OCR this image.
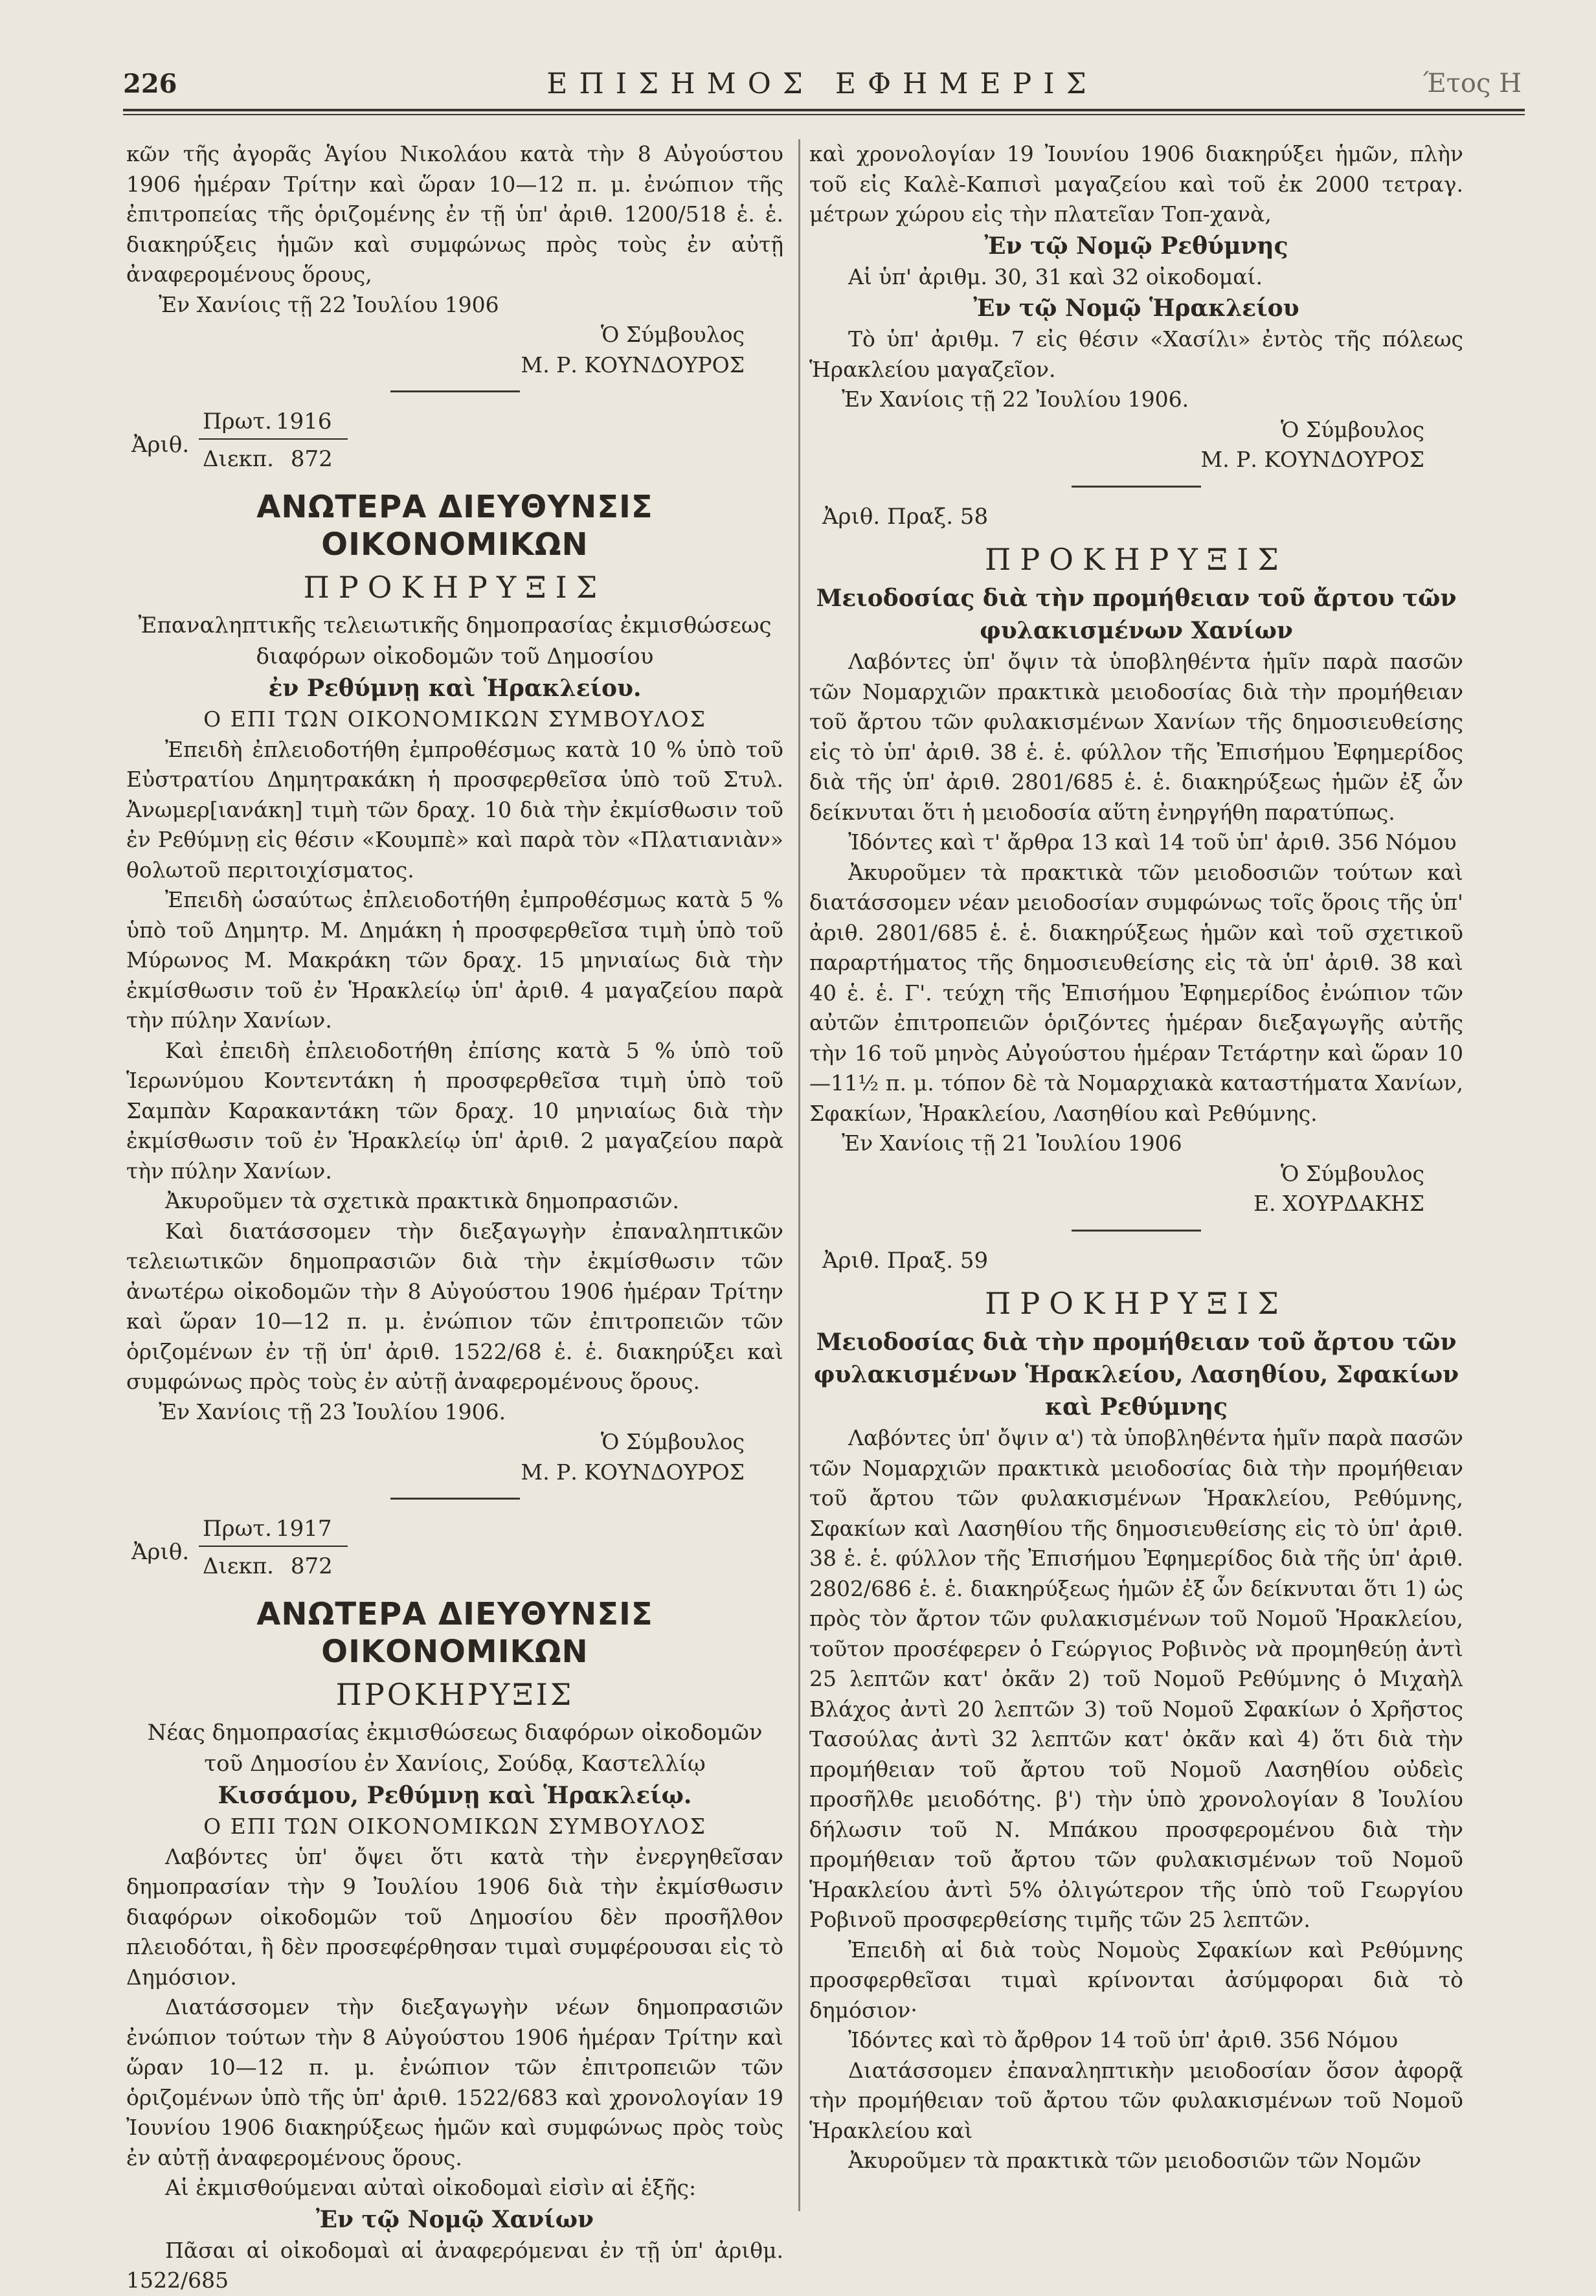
226	ΕΠΙΣΗΜΟΣ ΕΦΗΜΕΡΙΣ	Έτος Η

κῶν τῆς ἀγορᾶς Ἁγίου Νικολάου κατὰ τὴν 8 Αὐγούστου 1906 ἡμέραν Τρίτην καὶ ὥραν 10—12 π. μ. ἐνώπιον τῆς ἐπιτροπείας τῆς ὁριζομένης ἐν τῇ ὑπ' ἀριθ. 1200/518 ἑ. ἑ. διακηρύξεις ἡμῶν καὶ συμφώνως πρὸς τοὺς ἐν αὐτῇ ἀναφερομένους ὅρους,

Ἐν Χανίοις τῇ 22 Ἰουλίου 1906

Ὁ Σύμβουλος

Μ. Ρ. ΚΟΥΝΔΟΥΡΟΣ

Ἀριθ.
Πρωτ. 1916
Διεκπ. 872

ΑΝΩΤΕΡΑ ΔΙΕΥΘΥΝΣΙΣ ΟΙΚΟΝΟΜΙΚΩΝ

ΠΡΟΚΗΡΥΞΙΣ

Ἐπαναληπτικῆς τελειωτικῆς δημοπρασίας ἐκμισθώσεως διαφόρων οἰκοδομῶν τοῦ Δημοσίου

ἐν Ρεθύμνῃ καὶ Ἡρακλείου.

Ο ΕΠΙ ΤΩΝ ΟΙΚΟΝΟΜΙΚΩΝ ΣΥΜΒΟΥΛΟΣ

Ἐπειδὴ ἐπλειοδοτήθη ἐμπροθέσμως κατὰ 10 % ὑπὸ τοῦ Εὐστρατίου Δημητρακάκη ἡ προσφερθεῖσα ὑπὸ τοῦ Στυλ. Ἀνωμερ[ιανάκη] τιμὴ τῶν δραχ. 10 διὰ τὴν ἐκμίσθωσιν τοῦ ἐν Ρεθύμνῃ εἰς θέσιν «Κουμπὲ» καὶ παρὰ τὸν «Πλατιανιὰν» θολωτοῦ περιτοιχίσματος.

Ἐπειδὴ ὡσαύτως ἐπλειοδοτήθη ἐμπροθέσμως κατὰ 5 % ὑπὸ τοῦ Δημητρ. Μ. Δημάκη ἡ προσφερθεῖσα τιμὴ ὑπὸ τοῦ Μύρωνος Μ. Μακράκη τῶν δραχ. 15 μηνιαίως διὰ τὴν ἐκμίσθωσιν τοῦ ἐν Ἡρακλείῳ ὑπ' ἀριθ. 4 μαγαζείου παρὰ τὴν πύλην Χανίων.

Καὶ ἐπειδὴ ἐπλειοδοτήθη ἐπίσης κατὰ 5 % ὑπὸ τοῦ Ἱερωνύμου Κοντεντάκη ἡ προσφερθεῖσα τιμὴ ὑπὸ τοῦ Σαμπὰν Καρακαντάκη τῶν δραχ. 10 μηνιαίως διὰ τὴν ἐκμίσθωσιν τοῦ ἐν Ἡρακλείῳ ὑπ' ἀριθ. 2 μαγαζείου παρὰ τὴν πύλην Χανίων.

Ἀκυροῦμεν τὰ σχετικὰ πρακτικὰ δημοπρασιῶν.

Καὶ διατάσσομεν τὴν διεξαγωγὴν ἐπαναληπτικῶν τελειωτικῶν δημοπρασιῶν διὰ τὴν ἐκμίσθωσιν τῶν ἀνωτέρω οἰκοδομῶν τὴν 8 Αὐγούστου 1906 ἡμέραν Τρίτην καὶ ὥραν 10—12 π. μ. ἐνώπιον τῶν ἐπιτροπειῶν τῶν ὁριζομένων ἐν τῇ ὑπ' ἀριθ. 1522/68 ἑ. ἑ. διακηρύξει καὶ συμφώνως πρὸς τοὺς ἐν αὐτῇ ἀναφερομένους ὅρους.

Ἐν Χανίοις τῇ 23 Ἰουλίου 1906.

Ὁ Σύμβουλος

Μ. Ρ. ΚΟΥΝΔΟΥΡΟΣ

Ἀριθ.
Πρωτ. 1917
Διεκπ. 872

ΑΝΩΤΕΡΑ ΔΙΕΥΘΥΝΣΙΣ ΟΙΚΟΝΟΜΙΚΩΝ

ΠΡΟΚΗΡΥΞΙΣ

Νέας δημοπρασίας ἐκμισθώσεως διαφόρων οἰκοδομῶν τοῦ Δημοσίου ἐν Χανίοις, Σούδᾳ, Καστελλίῳ

Κισσάμου, Ρεθύμνῃ καὶ Ἡρακλείῳ.

Ο ΕΠΙ ΤΩΝ ΟΙΚΟΝΟΜΙΚΩΝ ΣΥΜΒΟΥΛΟΣ

Λαβόντες ὑπ' ὄψει ὅτι κατὰ τὴν ἐνεργηθεῖσαν δημοπρασίαν τὴν 9 Ἰουλίου 1906 διὰ τὴν ἐκμίσθωσιν διαφόρων οἰκοδομῶν τοῦ Δημοσίου δὲν προσῆλθον πλειοδόται, ἢ δὲν προσεφέρθησαν τιμαὶ συμφέρουσαι εἰς τὸ Δημόσιον.

Διατάσσομεν τὴν διεξαγωγὴν νέων δημοπρασιῶν ἐνώπιον τούτων τὴν 8 Αὐγούστου 1906 ἡμέραν Τρίτην καὶ ὥραν 10—12 π. μ. ἐνώπιον τῶν ἐπιτροπειῶν τῶν ὁριζομένων ὑπὸ τῆς ὑπ' ἀριθ. 1522/683 καὶ χρονολογίαν 19 Ἰουνίου 1906 διακηρύξεως ἡμῶν καὶ συμφώνως πρὸς τοὺς ἐν αὐτῇ ἀναφερομένους ὅρους.

Αἱ ἐκμισθούμεναι αὐταὶ οἰκοδομαὶ εἰσὶν αἱ ἑξῆς:

Ἐν τῷ Νομῷ Χανίων

Πᾶσαι αἱ οἰκοδομαὶ αἱ ἀναφερόμεναι ἐν τῇ ὑπ' ἀριθμ. 1522/685

καὶ χρονολογίαν 19 Ἰουνίου 1906 διακηρύξει ἡμῶν, πλὴν τοῦ εἰς Καλὲ-Καπισὶ μαγαζείου καὶ τοῦ ἐκ 2000 τετραγ. μέτρων χώρου εἰς τὴν πλατεῖαν Τοπ-χανὰ,

Ἐν τῷ Νομῷ Ρεθύμνης

Αἱ ὑπ' ἀριθμ. 30, 31 καὶ 32 οἰκοδομαί.

Ἐν τῷ Νομῷ Ἡρακλείου

Τὸ ὑπ' ἀριθμ. 7 εἰς θέσιν «Χασίλι» ἐντὸς τῆς πόλεως Ἡρακλείου μαγαζεῖον.

Ἐν Χανίοις τῇ 22 Ἰουλίου 1906.

Ὁ Σύμβουλος

Μ. Ρ. ΚΟΥΝΔΟΥΡΟΣ

Ἀριθ. Πραξ. 58

ΠΡΟΚΗΡΥΞΙΣ

Μειοδοσίας διὰ τὴν προμήθειαν τοῦ ἄρτου τῶν φυλακισμένων Χανίων

Λαβόντες ὑπ' ὄψιν τὰ ὑποβληθέντα ἡμῖν παρὰ πασῶν τῶν Νομαρχιῶν πρακτικὰ μειοδοσίας διὰ τὴν προμήθειαν τοῦ ἄρτου τῶν φυλακισμένων Χανίων τῆς δημοσιευθείσης εἰς τὸ ὑπ' ἀριθ. 38 ἑ. ἑ. φύλλον τῆς Ἐπισήμου Ἐφημερίδος διὰ τῆς ὑπ' ἀριθ. 2801/685 ἑ. ἑ. διακηρύξεως ἡμῶν ἐξ ὧν δείκνυται ὅτι ἡ μειοδοσία αὕτη ἐνηργήθη παρατύπως.

Ἰδόντες καὶ τ' ἄρθρα 13 καὶ 14 τοῦ ὑπ' ἀριθ. 356 Νόμου

Ἀκυροῦμεν τὰ πρακτικὰ τῶν μειοδοσιῶν τούτων καὶ διατάσσομεν νέαν μειοδοσίαν συμφώνως τοῖς ὅροις τῆς ὑπ' ἀριθ. 2801/685 ἑ. ἑ. διακηρύξεως ἡμῶν καὶ τοῦ σχετικοῦ παραρτήματος τῆς δημοσιευθείσης εἰς τὰ ὑπ' ἀριθ. 38 καὶ 40 ἑ. ἑ. Γ'. τεύχη τῆς Ἐπισήμου Ἐφημερίδος ἐνώπιον τῶν αὐτῶν ἐπιτροπειῶν ὁριζόντες ἡμέραν διεξαγωγῆς αὐτῆς τὴν 16 τοῦ μηνὸς Αὐγούστου ἡμέραν Τετάρτην καὶ ὥραν 10—11½ π. μ. τόπον δὲ τὰ Νομαρχιακὰ καταστήματα Χανίων, Σφακίων, Ἡρακλείου, Λασηθίου καὶ Ρεθύμνης.

Ἐν Χανίοις τῇ 21 Ἰουλίου 1906

Ὁ Σύμβουλος

Ε. ΧΟΥΡΔΑΚΗΣ

Ἀριθ. Πραξ. 59

ΠΡΟΚΗΡΥΞΙΣ

Μειοδοσίας διὰ τὴν προμήθειαν τοῦ ἄρτου τῶν φυλακισμένων Ἡρακλείου, Λασηθίου, Σφακίων καὶ Ρεθύμνης

Λαβόντες ὑπ' ὄψιν α') τὰ ὑποβληθέντα ἡμῖν παρὰ πασῶν τῶν Νομαρχιῶν πρακτικὰ μειοδοσίας διὰ τὴν προμήθειαν τοῦ ἄρτου τῶν φυλακισμένων Ἡρακλείου, Ρεθύμνης, Σφακίων καὶ Λασηθίου τῆς δημοσιευθείσης εἰς τὸ ὑπ' ἀριθ. 38 ἑ. ἑ. φύλλον τῆς Ἐπισήμου Ἐφημερίδος διὰ τῆς ὑπ' ἀριθ. 2802/686 ἑ. ἑ. διακηρύξεως ἡμῶν ἐξ ὧν δείκνυται ὅτι 1) ὡς πρὸς τὸν ἄρτον τῶν φυλακισμένων τοῦ Νομοῦ Ἡρακλείου, τοῦτον προσέφερεν ὁ Γεώργιος Ροβινὸς νὰ προμηθεύῃ ἀντὶ 25 λεπτῶν κατ' ὀκᾶν 2) τοῦ Νομοῦ Ρεθύμνης ὁ Μιχαὴλ Βλάχος ἀντὶ 20 λεπτῶν 3) τοῦ Νομοῦ Σφακίων ὁ Χρῆστος Τασούλας ἀντὶ 32 λεπτῶν κατ' ὀκᾶν καὶ 4) ὅτι διὰ τὴν προμήθειαν τοῦ ἄρτου τοῦ Νομοῦ Λασηθίου οὐδεὶς προσῆλθε μειοδότης. β') τὴν ὑπὸ χρονολογίαν 8 Ἰουλίου δήλωσιν τοῦ Ν. Μπάκου προσφερομένου διὰ τὴν προμήθειαν τοῦ ἄρτου τῶν φυλακισμένων τοῦ Νομοῦ Ἡρακλείου ἀντὶ 5% ὀλιγώτερον τῆς ὑπὸ τοῦ Γεωργίου Ροβινοῦ προσφερθείσης τιμῆς τῶν 25 λεπτῶν.

Ἐπειδὴ αἱ διὰ τοὺς Νομοὺς Σφακίων καὶ Ρεθύμνης προσφερθεῖσαι τιμαὶ κρίνονται ἀσύμφοραι διὰ τὸ δημόσιον·

Ἰδόντες καὶ τὸ ἄρθρον 14 τοῦ ὑπ' ἀριθ. 356 Νόμου

Διατάσσομεν ἐπαναληπτικὴν μειοδοσίαν ὅσον ἀφορᾷ τὴν προμήθειαν τοῦ ἄρτου τῶν φυλακισμένων τοῦ Νομοῦ Ἡρακλείου καὶ

Ἀκυροῦμεν τὰ πρακτικὰ τῶν μειοδοσιῶν τῶν Νομῶν
